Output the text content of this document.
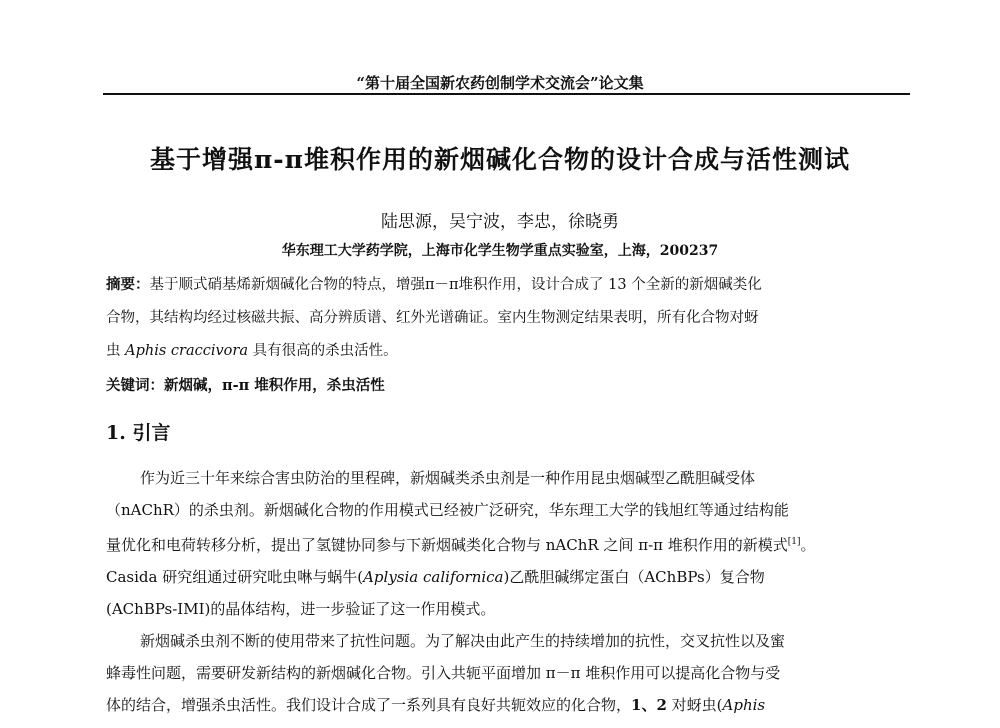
“第十届全国新农药创制学术交流会”论文集
基于增强π-π堆积作用的新烟碱化合物的设计合成与活性测试
陆思源，吴宁波，李忠，徐晓勇
华东理工大学药学院，上海市化学生物学重点实验室，上海，200237
摘要：基于顺式硝基烯新烟碱化合物的特点，增强π－π堆积作用，设计合成了 13 个全新的新烟碱类化
合物，其结构均经过核磁共振、高分辨质谱、红外光谱确证。室内生物测定结果表明，所有化合物对蚜
虫 Aphis craccivora 具有很高的杀虫活性。
关键词：新烟碱，π-π 堆积作用，杀虫活性
1. 引言
作为近三十年来综合害虫防治的里程碑，新烟碱类杀虫剂是一种作用昆虫烟碱型乙酰胆碱受体
（nAChR）的杀虫剂。新烟碱化合物的作用模式已经被广泛研究，华东理工大学的钱旭红等通过结构能
量优化和电荷转移分析，提出了氢键协同参与下新烟碱类化合物与 nAChR 之间 π-π 堆积作用的新模式[1]。
Casida 研究组通过研究吡虫啉与蜗牛(Aplysia californica)乙酰胆碱绑定蛋白（AChBPs）复合物
(AChBPs-IMI)的晶体结构，进一步验证了这一作用模式。
新烟碱杀虫剂不断的使用带来了抗性问题。为了解决由此产生的持续增加的抗性，交叉抗性以及蜜
蜂毒性问题，需要研发新结构的新烟碱化合物。引入共轭平面增加 π－π 堆积作用可以提高化合物与受
体的结合，增强杀虫活性。我们设计合成了一系列具有良好共轭效应的化合物，1、2 对蚜虫(Aphis
